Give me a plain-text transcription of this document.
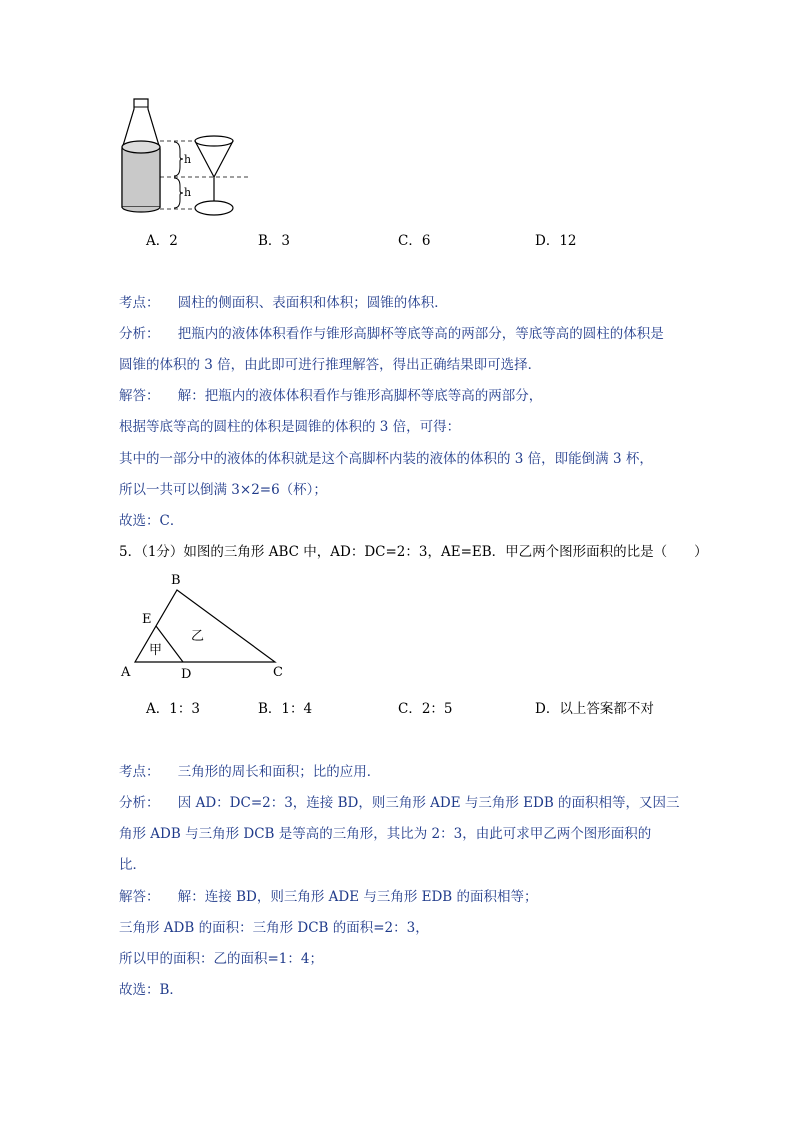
h
h
A．2	B．3	C．6	D．12
考点： 圆柱的侧面积、表面积和体积；圆锥的体积．
分析： 把瓶内的液体体积看作与锥形高脚杯等底等高的两部分，等底等高的圆柱的体积是
圆锥的体积的 3 倍，由此即可进行推理解答，得出正确结果即可选择．
解答： 解：把瓶内的液体体积看作与锥形高脚杯等底等高的两部分，
根据等底等高的圆柱的体积是圆锥的体积的 3 倍，可得：
其中的一部分中的液体的体积就是这个高脚杯内装的液体的体积的 3 倍，即能倒满 3 杯，
所以一共可以倒满 3×2=6（杯）；
故选：C．
5．（1分）如图的三角形 ABC 中，AD：DC=2：3，AE=EB．甲乙两个图形面积的比是（　　）
B
E
A	D	C
甲
乙
A．1：3	B．1：4	C．2：5	D．以上答案都不对
考点： 三角形的周长和面积；比的应用．
分析： 因 AD：DC=2：3，连接 BD，则三角形 ADE 与三角形 EDB 的面积相等，又因三
角形 ADB 与三角形 DCB 是等高的三角形，其比为 2：3，由此可求甲乙两个图形面积的
比．
解答： 解：连接 BD，则三角形 ADE 与三角形 EDB 的面积相等；
三角形 ADB 的面积：三角形 DCB 的面积=2：3，
所以甲的面积：乙的面积=1：4；
故选：B．
